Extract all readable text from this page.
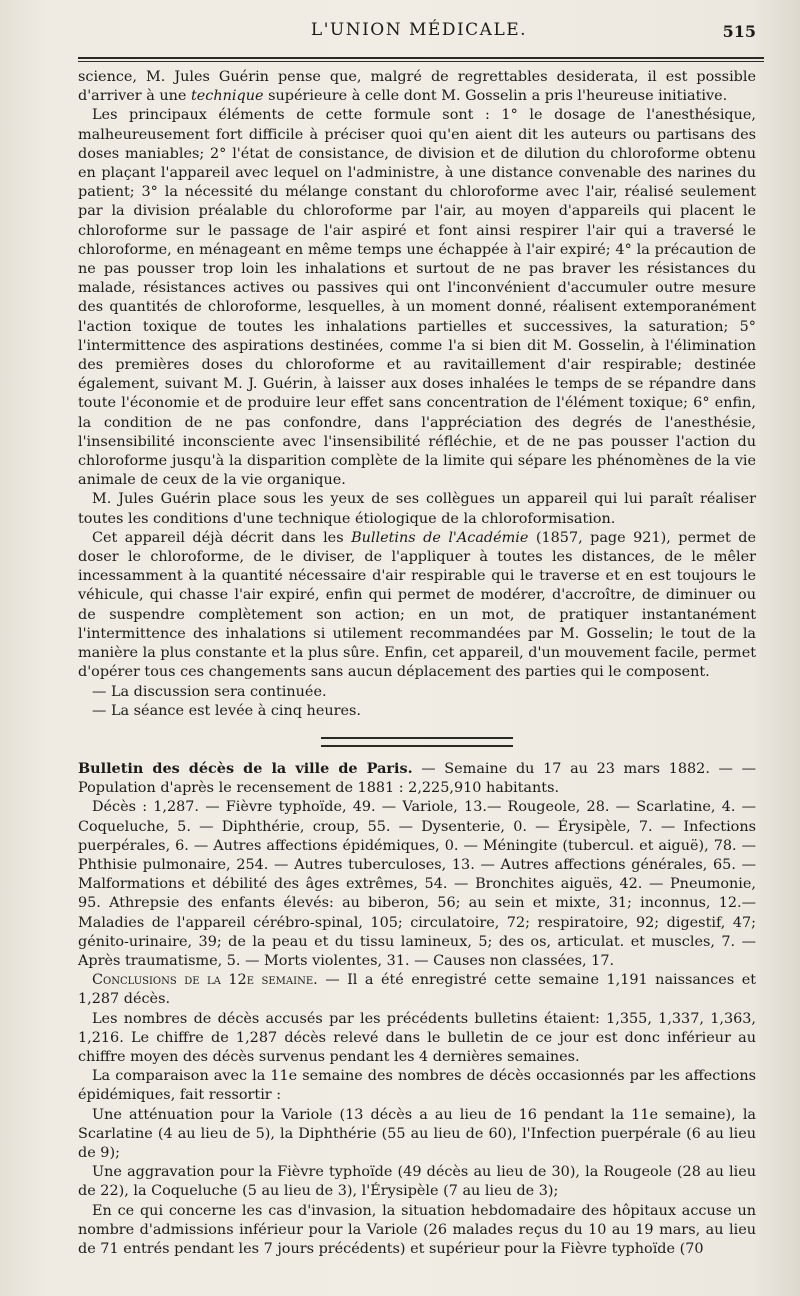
L'UNION MÉDICALE.	515

science, M. Jules Guérin pense que, malgré de regrettables desiderata, il est possible d'arriver à une technique supérieure à celle dont M. Gosselin a pris l'heureuse initiative.

Les principaux éléments de cette formule sont : 1° le dosage de l'anesthésique, malheureusement fort difficile à préciser quoi qu'en aient dit les auteurs ou partisans des doses maniables; 2° l'état de consistance, de division et de dilution du chloroforme obtenu en plaçant l'appareil avec lequel on l'administre, à une distance convenable des narines du patient; 3° la nécessité du mélange constant du chloroforme avec l'air, réalisé seulement par la division préalable du chloroforme par l'air, au moyen d'appareils qui placent le chloroforme sur le passage de l'air aspiré et font ainsi respirer l'air qui a traversé le chloroforme, en ménageant en même temps une échappée à l'air expiré; 4° la précaution de ne pas pousser trop loin les inhalations et surtout de ne pas braver les résistances du malade, résistances actives ou passives qui ont l'inconvénient d'accumuler outre mesure des quantités de chloroforme, lesquelles, à un moment donné, réalisent extemporanément l'action toxique de toutes les inhalations partielles et successives, la saturation; 5° l'intermittence des aspirations destinées, comme l'a si bien dit M. Gosselin, à l'élimination des premières doses du chloroforme et au ravitaillement d'air respirable; destinée également, suivant M. J. Guérin, à laisser aux doses inhalées le temps de se répandre dans toute l'économie et de produire leur effet sans concentration de l'élément toxique; 6° enfin, la condition de ne pas confondre, dans l'appréciation des degrés de l'anesthésie, l'insensibilité inconsciente avec l'insensibilité réfléchie, et de ne pas pousser l'action du chloroforme jusqu'à la disparition complète de la limite qui sépare les phénomènes de la vie animale de ceux de la vie organique.

M. Jules Guérin place sous les yeux de ses collègues un appareil qui lui paraît réaliser toutes les conditions d'une technique étiologique de la chloroformisation.

Cet appareil déjà décrit dans les Bulletins de l'Académie (1857, page 921), permet de doser le chloroforme, de le diviser, de l'appliquer à toutes les distances, de le mêler incessamment à la quantité nécessaire d'air respirable qui le traverse et en est toujours le véhicule, qui chasse l'air expiré, enfin qui permet de modérer, d'accroître, de diminuer ou de suspendre complètement son action; en un mot, de pratiquer instantanément l'intermittence des inhalations si utilement recommandées par M. Gosselin; le tout de la manière la plus constante et la plus sûre. Enfin, cet appareil, d'un mouvement facile, permet d'opérer tous ces changements sans aucun déplacement des parties qui le composent.

— La discussion sera continuée.

— La séance est levée à cinq heures.

Bulletin des décès de la ville de Paris. — Semaine du 17 au 23 mars 1882. — — Population d'après le recensement de 1881 : 2,225,910 habitants.

Décès : 1,287. — Fièvre typhoïde, 49. — Variole, 13.— Rougeole, 28. — Scarlatine, 4. — Coqueluche, 5. — Diphthérie, croup, 55. — Dysenterie, 0. — Érysipèle, 7. — Infections puerpérales, 6. — Autres affections épidémiques, 0. — Méningite (tubercul. et aiguë), 78. — Phthisie pulmonaire, 254. — Autres tuberculoses, 13. — Autres affections générales, 65. — Malformations et débilité des âges extrêmes, 54. — Bronchites aiguës, 42. — Pneumonie, 95. Athrepsie des enfants élevés: au biberon, 56; au sein et mixte, 31; inconnus, 12.— Maladies de l'appareil cérébro-spinal, 105; circulatoire, 72; respiratoire, 92; digestif, 47; génito-urinaire, 39; de la peau et du tissu lamineux, 5; des os, articulat. et muscles, 7. — Après traumatisme, 5. — Morts violentes, 31. — Causes non classées, 17.

Conclusions de la 12e semaine. — Il a été enregistré cette semaine 1,191 naissances et 1,287 décès.

Les nombres de décès accusés par les précédents bulletins étaient: 1,355, 1,337, 1,363, 1,216. Le chiffre de 1,287 décès relevé dans le bulletin de ce jour est donc inférieur au chiffre moyen des décès survenus pendant les 4 dernières semaines.

La comparaison avec la 11e semaine des nombres de décès occasionnés par les affections épidémiques, fait ressortir :

Une atténuation pour la Variole (13 décès a au lieu de 16 pendant la 11e semaine), la Scarlatine (4 au lieu de 5), la Diphthérie (55 au lieu de 60), l'Infection puerpérale (6 au lieu de 9);

Une aggravation pour la Fièvre typhoïde (49 décès au lieu de 30), la Rougeole (28 au lieu de 22), la Coqueluche (5 au lieu de 3), l'Érysipèle (7 au lieu de 3);

En ce qui concerne les cas d'invasion, la situation hebdomadaire des hôpitaux accuse un nombre d'admissions inférieur pour la Variole (26 malades reçus du 10 au 19 mars, au lieu de 71 entrés pendant les 7 jours précédents) et supérieur pour la Fièvre typhoïde (70
